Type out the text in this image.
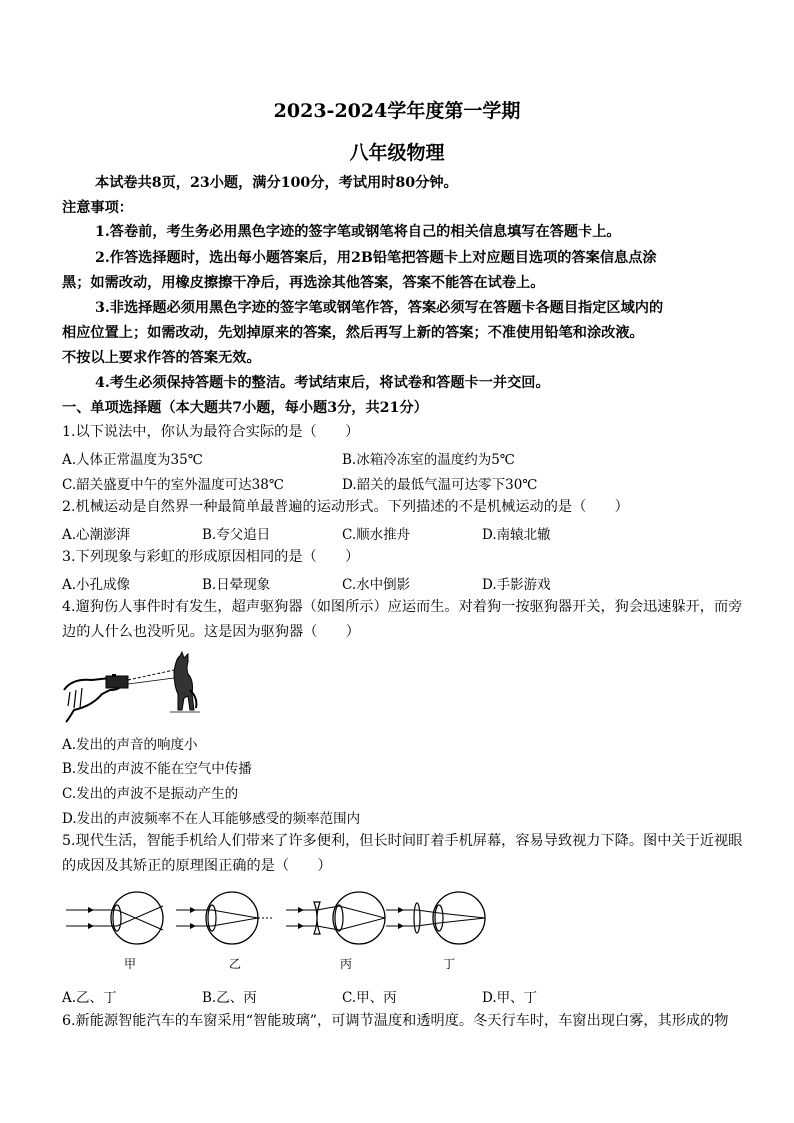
2023-2024学年度第一学期
八年级物理
本试卷共8页，23小题，满分100分，考试用时80分钟。
注意事项：
1.答卷前，考生务必用黑色字迹的签字笔或钢笔将自己的相关信息填写在答题卡上。
2.作答选择题时，选出每小题答案后，用2B铅笔把答题卡上对应题目选项的答案信息点涂
黑；如需改动，用橡皮擦擦干净后，再选涂其他答案，答案不能答在试卷上。
3.非选择题必须用黑色字迹的签字笔或钢笔作答，答案必须写在答题卡各题目指定区域内的
相应位置上；如需改动，先划掉原来的答案，然后再写上新的答案；不准使用铅笔和涂改液。
不按以上要求作答的答案无效。
4.考生必须保持答题卡的整洁。考试结束后，将试卷和答题卡一并交回。
一、单项选择题（本大题共7小题，每小题3分，共21分）
1.以下说法中，你认为最符合实际的是（　　）
A.人体正常温度为35℃	B.冰箱冷冻室的温度约为5℃
C.韶关盛夏中午的室外温度可达38℃	D.韶关的最低气温可达零下30℃
2.机械运动是自然界一种最简单最普遍的运动形式。下列描述的不是机械运动的是（　　）
A.心潮澎湃	B.夸父追日	C.顺水推舟	D.南辕北辙
3.下列现象与彩虹的形成原因相同的是（　　）
A.小孔成像	B.日晕现象	C.水中倒影	D.手影游戏
4.遛狗伤人事件时有发生，超声驱狗器（如图所示）应运而生。对着狗一按驱狗器开关，狗会迅速躲开，而旁
边的人什么也没听见。这是因为驱狗器（　　）
A.发出的声音的响度小
B.发出的声波不能在空气中传播
C.发出的声波不是振动产生的
D.发出的声波频率不在人耳能够感受的频率范围内
5.现代生活，智能手机给人们带来了许多便利，但长时间盯着手机屏幕，容易导致视力下降。图中关于近视眼
的成因及其矫正的原理图正确的是（　　）
甲	乙	丙	丁
A.乙、丁	B.乙、丙	C.甲、丙	D.甲、丁
6.新能源智能汽车的车窗采用“智能玻璃”，可调节温度和透明度。冬天行车时，车窗出现白雾，其形成的物
